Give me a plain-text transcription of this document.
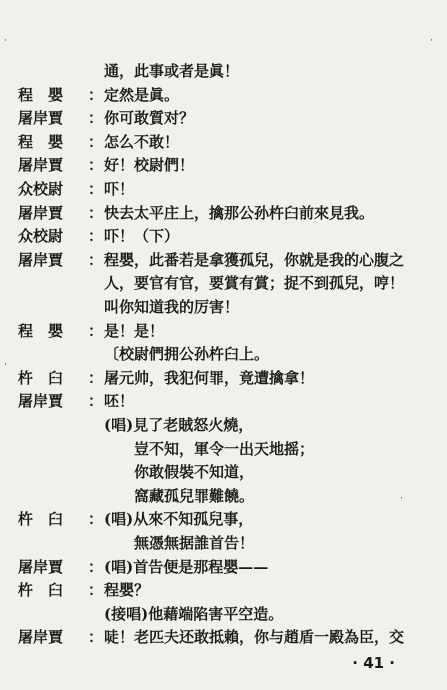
通，此事或者是眞！
程　嬰	： 定然是眞。
屠岸賈	： 你可敢質对？
程　嬰	： 怎么不敢！
屠岸賈	： 好！校尉們！
众校尉	： 吓！
屠岸賈	： 快去太平庄上，擒那公孙杵臼前來見我。
众校尉	： 吓！（下）
屠岸賈	： 程嬰，此番若是拿獲孤兒，你就是我的心腹之
人，要官有官，要賞有賞；捉不到孤兒，哼！
叫你知道我的厉害！
程　嬰	： 是！是！
〔校尉們拥公孙杵臼上。
杵　臼	： 屠元帅，我犯何罪，竟遭擒拿！
屠岸賈	： 呸！
(唱)見了老賊怒火燒，
豈不知，軍令一出天地摇；
你敢假裝不知道，
窩藏孤兒罪難饒。
杵　臼	： (唱)从來不知孤兒事，
無憑無据誰首告！
屠岸賈	： (唱)首告便是那程嬰——
杵　臼	： 程嬰？
(接唱)他藉端陷害平空造。
屠岸賈	： 唗！老匹夫还敢抵賴，你与趙盾一殿為臣，交
· 41 ·
·	·
·
·
